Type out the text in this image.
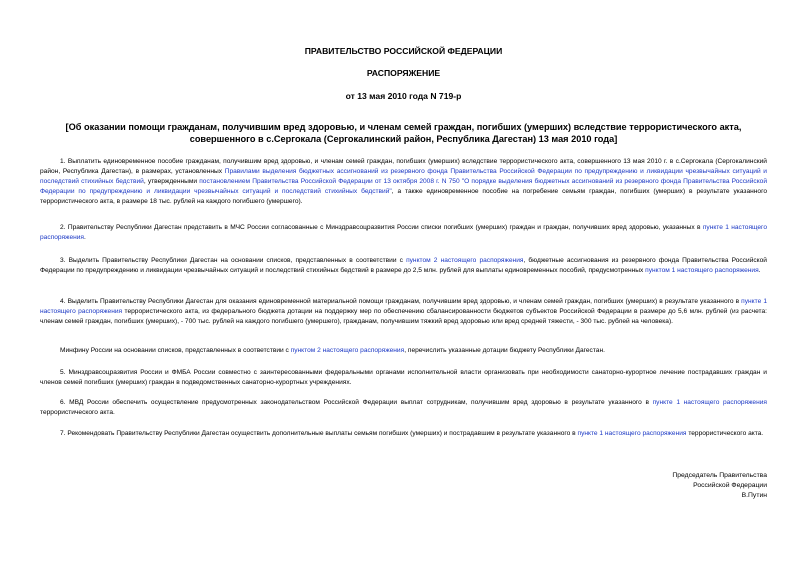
ПРАВИТЕЛЬСТВО РОССИЙСКОЙ ФЕДЕРАЦИИ
РАСПОРЯЖЕНИЕ
от 13 мая 2010 года N 719-р
[Об оказании помощи гражданам, получившим вред здоровью, и членам семей граждан, погибших (умерших) вследствие террористического акта, совершенного в с.Сергокала (Сергокалинский район, Республика Дагестан) 13 мая 2010 года]
1. Выплатить единовременное пособие гражданам, получившим вред здоровью, и членам семей граждан, погибших (умерших) вследствие террористического акта, совершенного 13 мая 2010 г. в с.Сергокала (Сергокалинский район, Республика Дагестан), в размерах, установленных Правилами выделения бюджетных ассигнований из резервного фонда Правительства Российской Федерации по предупреждению и ликвидации чрезвычайных ситуаций и последствий стихийных бедствий, утвержденными постановлением Правительства Российской Федерации от 13 октября 2008 г. N 750 "О порядке выделения бюджетных ассигнований из резервного фонда Правительства Российской Федерации по предупреждению и ликвидации чрезвычайных ситуаций и последствий стихийных бедствий", а также единовременное пособие на погребение семьям граждан, погибших (умерших) в результате указанного террористического акта, в размере 18 тыс. рублей на каждого погибшего (умершего).
2. Правительству Республики Дагестан представить в МЧС России согласованные с Минздравсоцразвития России списки погибших (умерших) граждан и граждан, получивших вред здоровью, указанных в пункте 1 настоящего распоряжения.
3. Выделить Правительству Республики Дагестан на основании списков, представленных в соответствии с пунктом 2 настоящего распоряжения, бюджетные ассигнования из резервного фонда Правительства Российской Федерации по предупреждению и ликвидации чрезвычайных ситуаций и последствий стихийных бедствий в размере до 2,5 млн. рублей для выплаты единовременных пособий, предусмотренных пунктом 1 настоящего распоряжения.
4. Выделить Правительству Республики Дагестан для оказания единовременной материальной помощи гражданам, получившим вред здоровью, и членам семей граждан, погибших (умерших) в результате указанного в пункте 1 настоящего распоряжения террористического акта, из федерального бюджета дотации на поддержку мер по обеспечению сбалансированности бюджетов субъектов Российской Федерации в размере до 5,6 млн. рублей (из расчета: членам семей граждан, погибших (умерших), - 700 тыс. рублей на каждого погибшего (умершего), гражданам, получившим тяжкий вред здоровью или вред средней тяжести, - 300 тыс. рублей на человека).
Минфину России на основании списков, представленных в соответствии с пунктом 2 настоящего распоряжения, перечислить указанные дотации бюджету Республики Дагестан.
5. Минздравсоцразвития России и ФМБА России совместно с заинтересованными федеральными органами исполнительной власти организовать при необходимости санаторно-курортное лечение пострадавших граждан и членов семей погибших (умерших) граждан в подведомственных санаторно-курортных учреждениях.
6. МВД России обеспечить осуществление предусмотренных законодательством Российской Федерации выплат сотрудникам, получившим вред здоровью в результате указанного в пункте 1 настоящего распоряжения террористического акта.
7. Рекомендовать Правительству Республики Дагестан осуществить дополнительные выплаты семьям погибших (умерших) и пострадавшим в результате указанного в пункте 1 настоящего распоряжения террористического акта.
Председатель Правительства
Российской Федерации
В.Путин
